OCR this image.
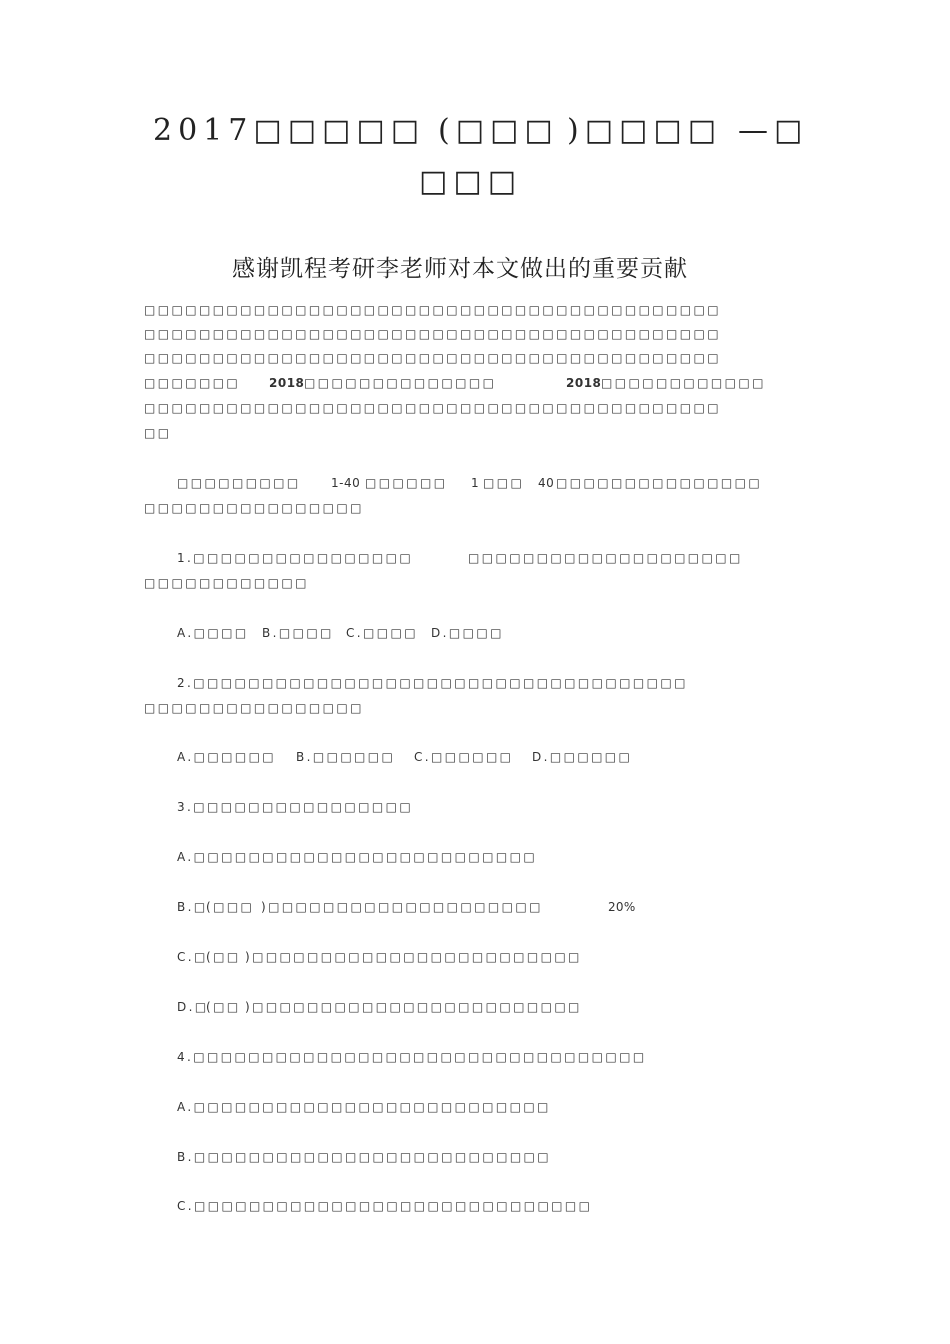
2017□□□□□ (□□□ )□□□□ —□
□□□
感谢凯程考研李老师对本文做出的重要贡献
□□□□□□□□□□□□□□□□□□□□□□□□□□□□□□□□□□□□□□□□□□
□□□□□□□□□□□□□□□□□□□□□□□□□□□□□□□□□□□□□□□□□□
□□□□□□□□□□□□□□□□□□□□□□□□□□□□□□□□□□□□□□□□□□
□□□□□□□ 2018 □□□□□□□□□□□□□□	2018 □□□□□□□□□□□□
□□□□□□□□□□□□□□□□□□□□□□□□□□□□□□□□□□□□□□□□□□
□□
□□□□□□□□□	1-40 □□□□□□ 1 □□□ 40 □□□□□□□□□□□□□□□
□□□□□□□□□□□□□□□□
1.□□□□□□□□□□□□□□□□	□□□□□□□□□□□□□□□□□□□□
□□□□□□□□□□□□
A.□□□□ B.□□□□ C.□□□□ D.□□□□
2.□□□□□□□□□□□□□□□□□□□□□□□□□□□□□□□□□□□□
□□□□□□□□□□□□□□□□
A.□□□□□□ B.□□□□□□ C.□□□□□□ D.□□□□□□
3.□□□□□□□□□□□□□□□□
A.□□□□□□□□□□□□□□□□□□□□□□□□□
B.□
(□□□ )□□□□□□□□□□□□□□□□□□□□	20%
C.□
(□□ )□□□□□□□□□□□□□□□□□□□□□□□□
D.□
(□□ )□□□□□□□□□□□□□□□□□□□□□□□□
4.□□□□□□□□□□□□□□□□□□□□□□□□□□□□□□□□□
A.□□□□□□□□□□□□□□□□□□□□□□□□□□
B.□□□□□□□□□□□□□□□□□□□□□□□□□□
C.□□□□□□□□□□□□□□□□□□□□□□□□□□□□□
